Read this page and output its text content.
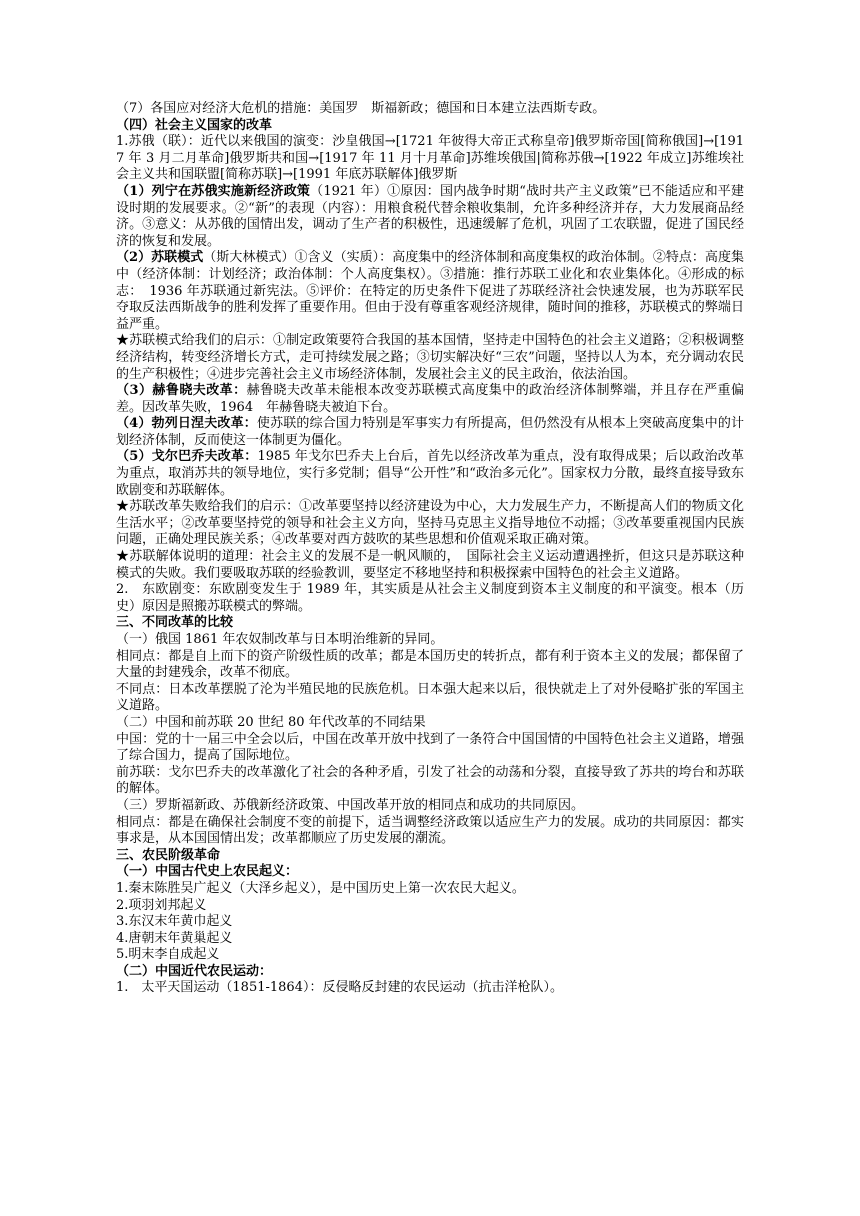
（7）各国应对经济大危机的措施：美国罗　斯福新政；德国和日本建立法西斯专政。

（四）社会主义国家的改革

1.苏俄（联）：近代以来俄国的演变：沙皇俄国→[1721 年彼得大帝正式称皇帝]俄罗斯帝国[简称俄国]→[1917 年 3 月二月革命]俄罗斯共和国→[1917 年 11 月十月革命]苏维埃俄国|简称苏俄→[1922 年成立]苏维埃社会主义共和国联盟[简称苏联]→[1991 年底苏联解体]俄罗斯

（1）列宁在苏俄实施新经济政策（1921 年）①原因：国内战争时期“战时共产主义政策”已不能适应和平建设时期的发展要求。②“新”的表现（内容）：用粮食税代替余粮收集制，允许多种经济并存，大力发展商品经济。③意义：从苏俄的国情出发，调动了生产者的积极性，迅速缓解了危机，巩固了工农联盟，促进了国民经济的恢复和发展。

（2）苏联模式（斯大林模式）①含义（实质）：高度集中的经济体制和高度集权的政治体制。②特点：高度集中（经济体制：计划经济；政治体制：个人高度集权）。③措施：推行苏联工业化和农业集体化。④形成的标志：　1936 年苏联通过新宪法。⑤评价：在特定的历史条件下促进了苏联经济社会快速发展，也为苏联军民夺取反法西斯战争的胜利发挥了重要作用。但由于没有尊重客观经济规律，随时间的推移，苏联模式的弊端日益严重。

★苏联模式给我们的启示：①制定政策要符合我国的基本国情，坚持走中国特色的社会主义道路；②积极调整经济结构，转变经济增长方式，走可持续发展之路；③切实解决好“三农”问题，坚持以人为本，充分调动农民的生产积极性；④进步完善社会主义市场经济体制，发展社会主义的民主政治，依法治国。

（3）赫鲁晓夫改革：赫鲁晓夫改革未能根本改变苏联模式高度集中的政治经济体制弊端，并且存在严重偏差。因改革失败，1964　年赫鲁晓夫被迫下台。

（4）勃列日涅夫改革：使苏联的综合国力特别是军事实力有所提高，但仍然没有从根本上突破高度集中的计划经济体制，反而使这一体制更为僵化。

（5）戈尔巴乔夫改革：1985 年戈尔巴乔夫上台后，首先以经济改革为重点，没有取得成果；后以政治改革为重点，取消苏共的领导地位，实行多党制；倡导“公开性”和“政治多元化”。国家权力分散，最终直接导致东欧剧变和苏联解体。

★苏联改革失败给我们的启示：①改革要坚持以经济建设为中心，大力发展生产力，不断提高人们的物质文化生活水平；②改革要坚持党的领导和社会主义方向，坚持马克思主义指导地位不动摇；③改革要重视国内民族问题，正确处理民族关系；④改革要对西方鼓吹的某些思想和价值观采取正确对策。

★苏联解体说明的道理：社会主义的发展不是一帆风顺的，　国际社会主义运动遭遇挫折，但这只是苏联这种模式的失败。我们要吸取苏联的经验教训，要坚定不移地坚持和积极探索中国特色的社会主义道路。

2.　东欧剧变：东欧剧变发生于 1989 年，其实质是从社会主义制度到资本主义制度的和平演变。根本（历史）原因是照搬苏联模式的弊端。

三、不同改革的比较

（一）俄国 1861 年农奴制改革与日本明治维新的异同。

相同点：都是自上而下的资产阶级性质的改革；都是本国历史的转折点，都有利于资本主义的发展；都保留了大量的封建残余，改革不彻底。

不同点：日本改革摆脱了沦为半殖民地的民族危机。日本强大起来以后，很快就走上了对外侵略扩张的军国主义道路。

（二）中国和前苏联 20 世纪 80 年代改革的不同结果

中国：党的十一届三中全会以后，中国在改革开放中找到了一条符合中国国情的中国特色社会主义道路，增强了综合国力，提高了国际地位。

前苏联：戈尔巴乔夫的改革激化了社会的各种矛盾，引发了社会的动荡和分裂，直接导致了苏共的垮台和苏联的解体。

（三）罗斯福新政、苏俄新经济政策、中国改革开放的相同点和成功的共同原因。

相同点：都是在确保社会制度不变的前提下，适当调整经济政策以适应生产力的发展。成功的共同原因：都实事求是，从本国国情出发；改革都顺应了历史发展的潮流。

三、农民阶级革命

（一）中国古代史上农民起义：

1.秦末陈胜吴广起义（大泽乡起义），是中国历史上第一次农民大起义。

2.项羽刘邦起义

3.东汉末年黄巾起义

4.唐朝末年黄巢起义

5.明末李自成起义

（二）中国近代农民运动：

1.　太平天国运动（1851-1864）：反侵略反封建的农民运动（抗击洋枪队）。
